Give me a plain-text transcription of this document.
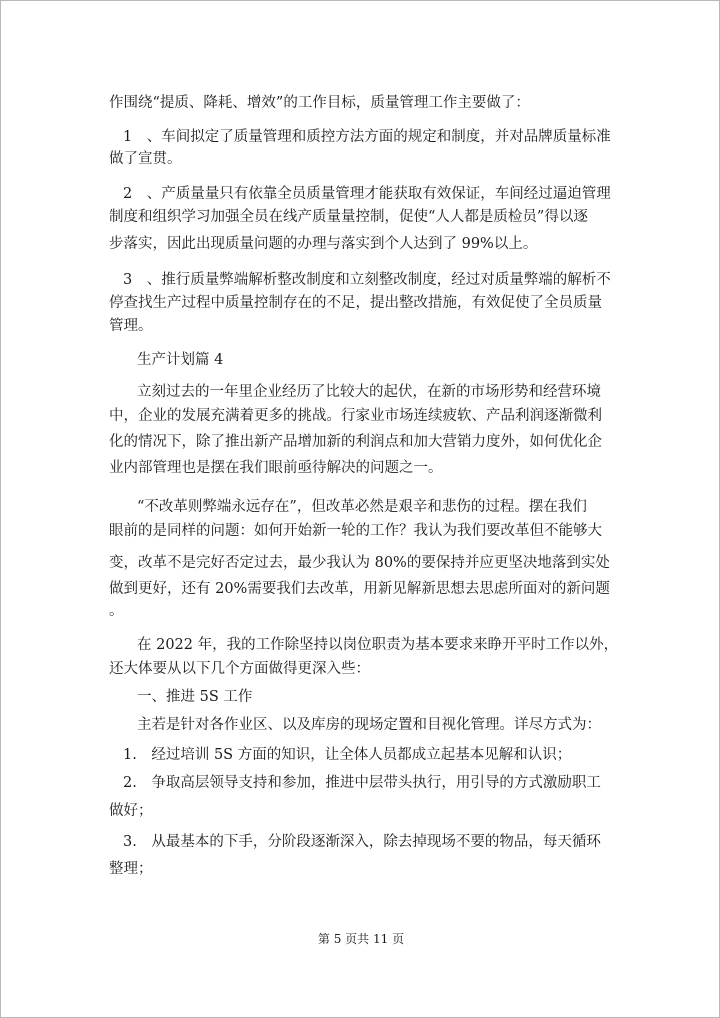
作围绕“提质、降耗、增效”的工作目标，质量管理工作主要做了：

1　、车间拟定了质量管理和质控方法方面的规定和制度，并对品牌质量标准

做了宣贯。

2　、产质量量只有依靠全员质量管理才能获取有效保证，车间经过逼迫管理

制度和组织学习加强全员在线产质量量控制，促使“人人都是质检员”得以逐

步落实，因此出现质量问题的办理与落实到个人达到了 99%以上。

3　、推行质量弊端解析整改制度和立刻整改制度，经过对质量弊端的解析不

停查找生产过程中质量控制存在的不足，提出整改措施，有效促使了全员质量

管理。

生产计划篇 4

立刻过去的一年里企业经历了比较大的起伏，在新的市场形势和经营环境

中，企业的发展充满着更多的挑战。行家业市场连续疲软、产品利润逐渐微利

化的情况下，除了推出新产品增加新的利润点和加大营销力度外，如何优化企

业内部管理也是摆在我们眼前亟待解决的问题之一。

“不改革则弊端永远存在”，但改革必然是艰辛和悲伤的过程。摆在我们

眼前的是同样的问题：如何开始新一轮的工作？我认为我们要改革但不能够大

变，改革不是完好否定过去，最少我认为 80%的要保持并应更坚决地落到实处

做到更好，还有 20%需要我们去改革，用新见解新思想去思虑所面对的新问题

。

在 2022 年，我的工作除坚持以岗位职责为基本要求来睁开平时工作以外，

还大体要从以下几个方面做得更深入些：

一、推进 5S 工作

主若是针对各作业区、以及库房的现场定置和目视化管理。详尽方式为：

1.　经过培训 5S 方面的知识，让全体人员都成立起基本见解和认识；

2.　争取高层领导支持和参加，推进中层带头执行，用引导的方式激励职工

做好；

3.　从最基本的下手，分阶段逐渐深入，除去掉现场不要的物品，每天循环

整理；

第 5 页共 11 页
